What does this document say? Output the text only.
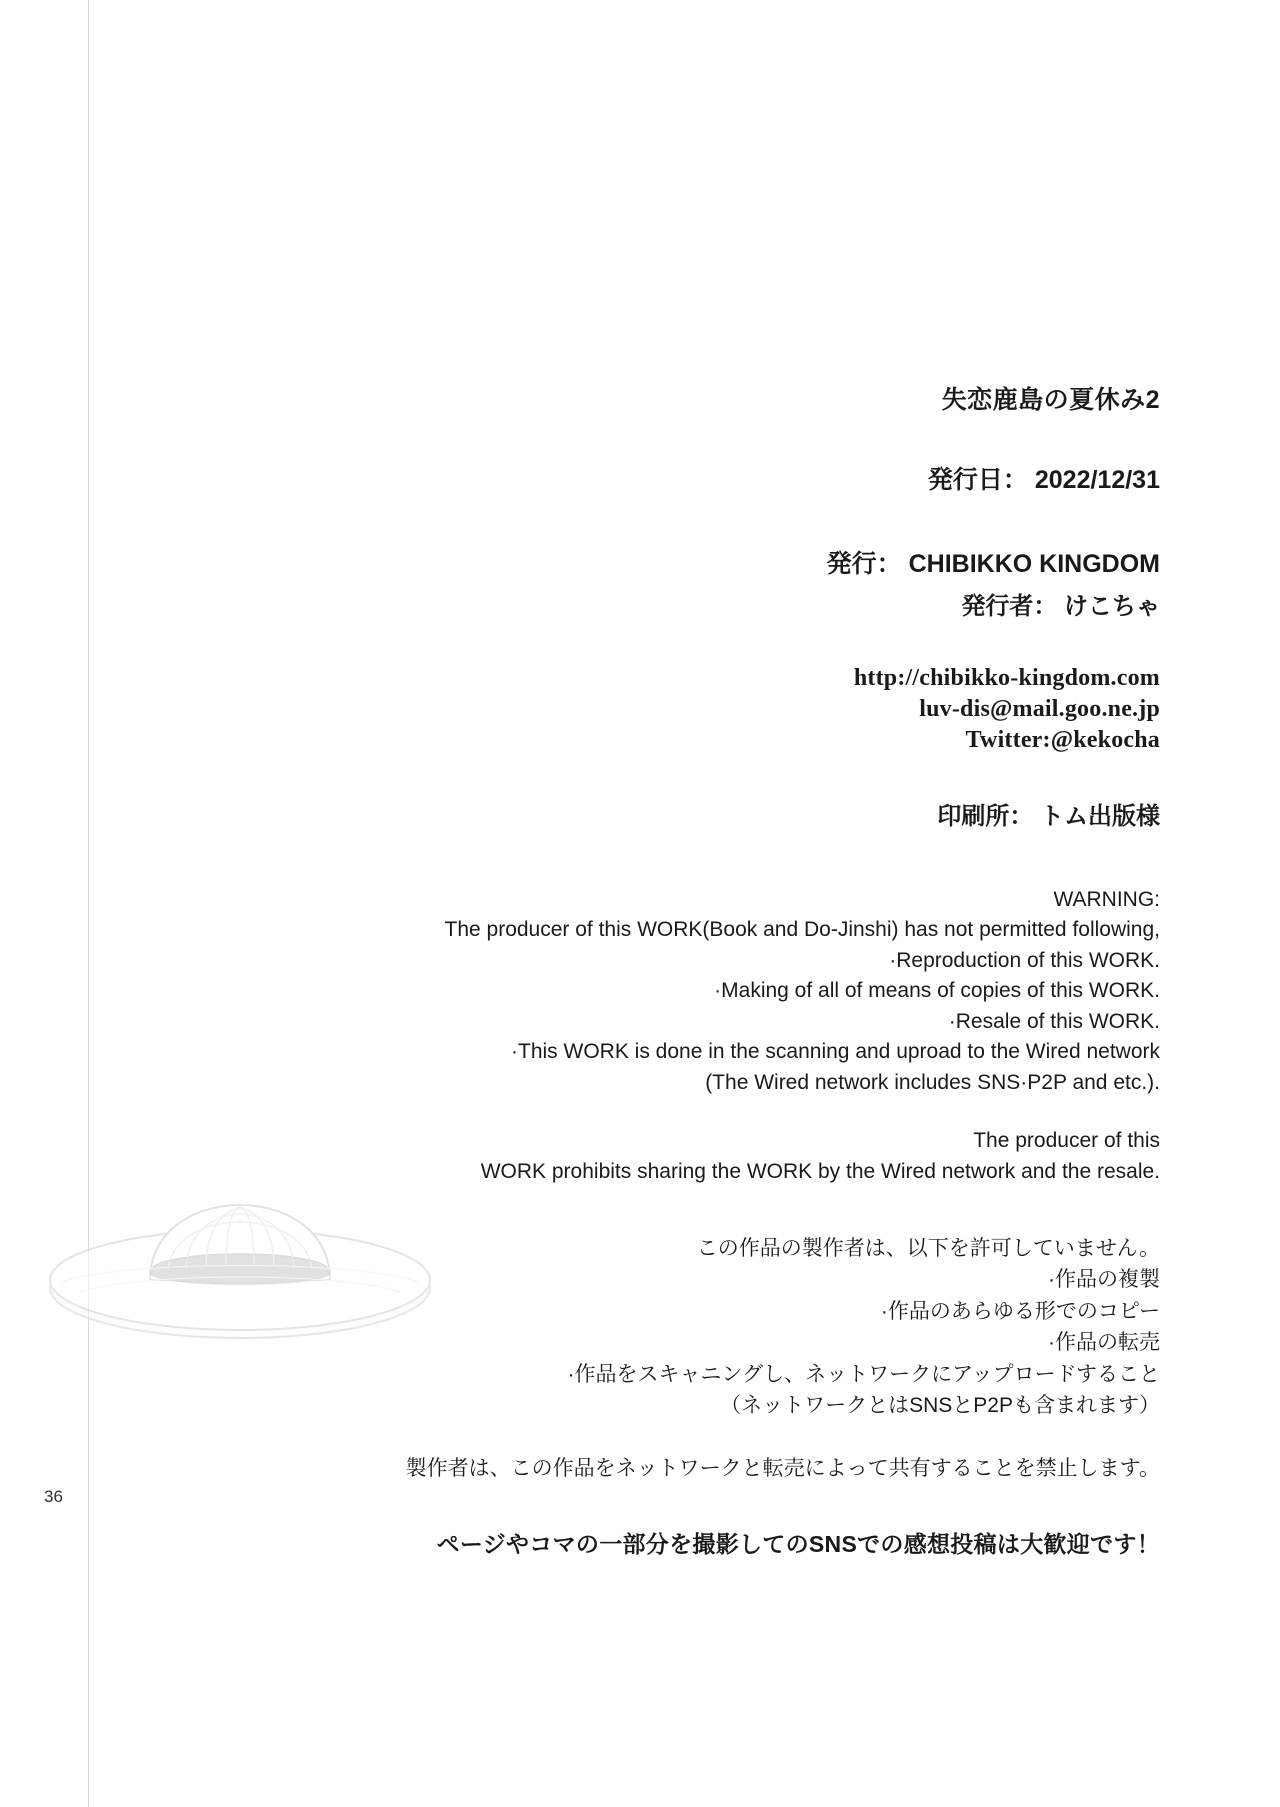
失恋鹿島の夏休み2
発行日： 2022/12/31
発行： CHIBIKKO KINGDOM
発行者： けこちゃ
http://chibikko-kingdom.com
luv-dis@mail.goo.ne.jp
Twitter:@kekocha
印刷所： トム出版様

WARNING:

The producer of this WORK(Book and Do-Jinshi) has not permitted following,

·Reproduction of this WORK.

·Making of all of means of copies of this WORK.

·Resale of this WORK.

·This WORK is done in the scanning and uproad to the Wired network

(The Wired network includes SNS·P2P and etc.).

The producer of this

WORK prohibits sharing the WORK by the Wired network and the resale.

この作品の製作者は、以下を許可していません。

·作品の複製

·作品のあらゆる形でのコピー

·作品の転売

·作品をスキャニングし、ネットワークにアップロードすること

（ネットワークとはSNSとP2Pも含まれます）

製作者は、この作品をネットワークと転売によって共有することを禁止します。
ページやコマの一部分を撮影してのSNSでの感想投稿は大歓迎です！
36
